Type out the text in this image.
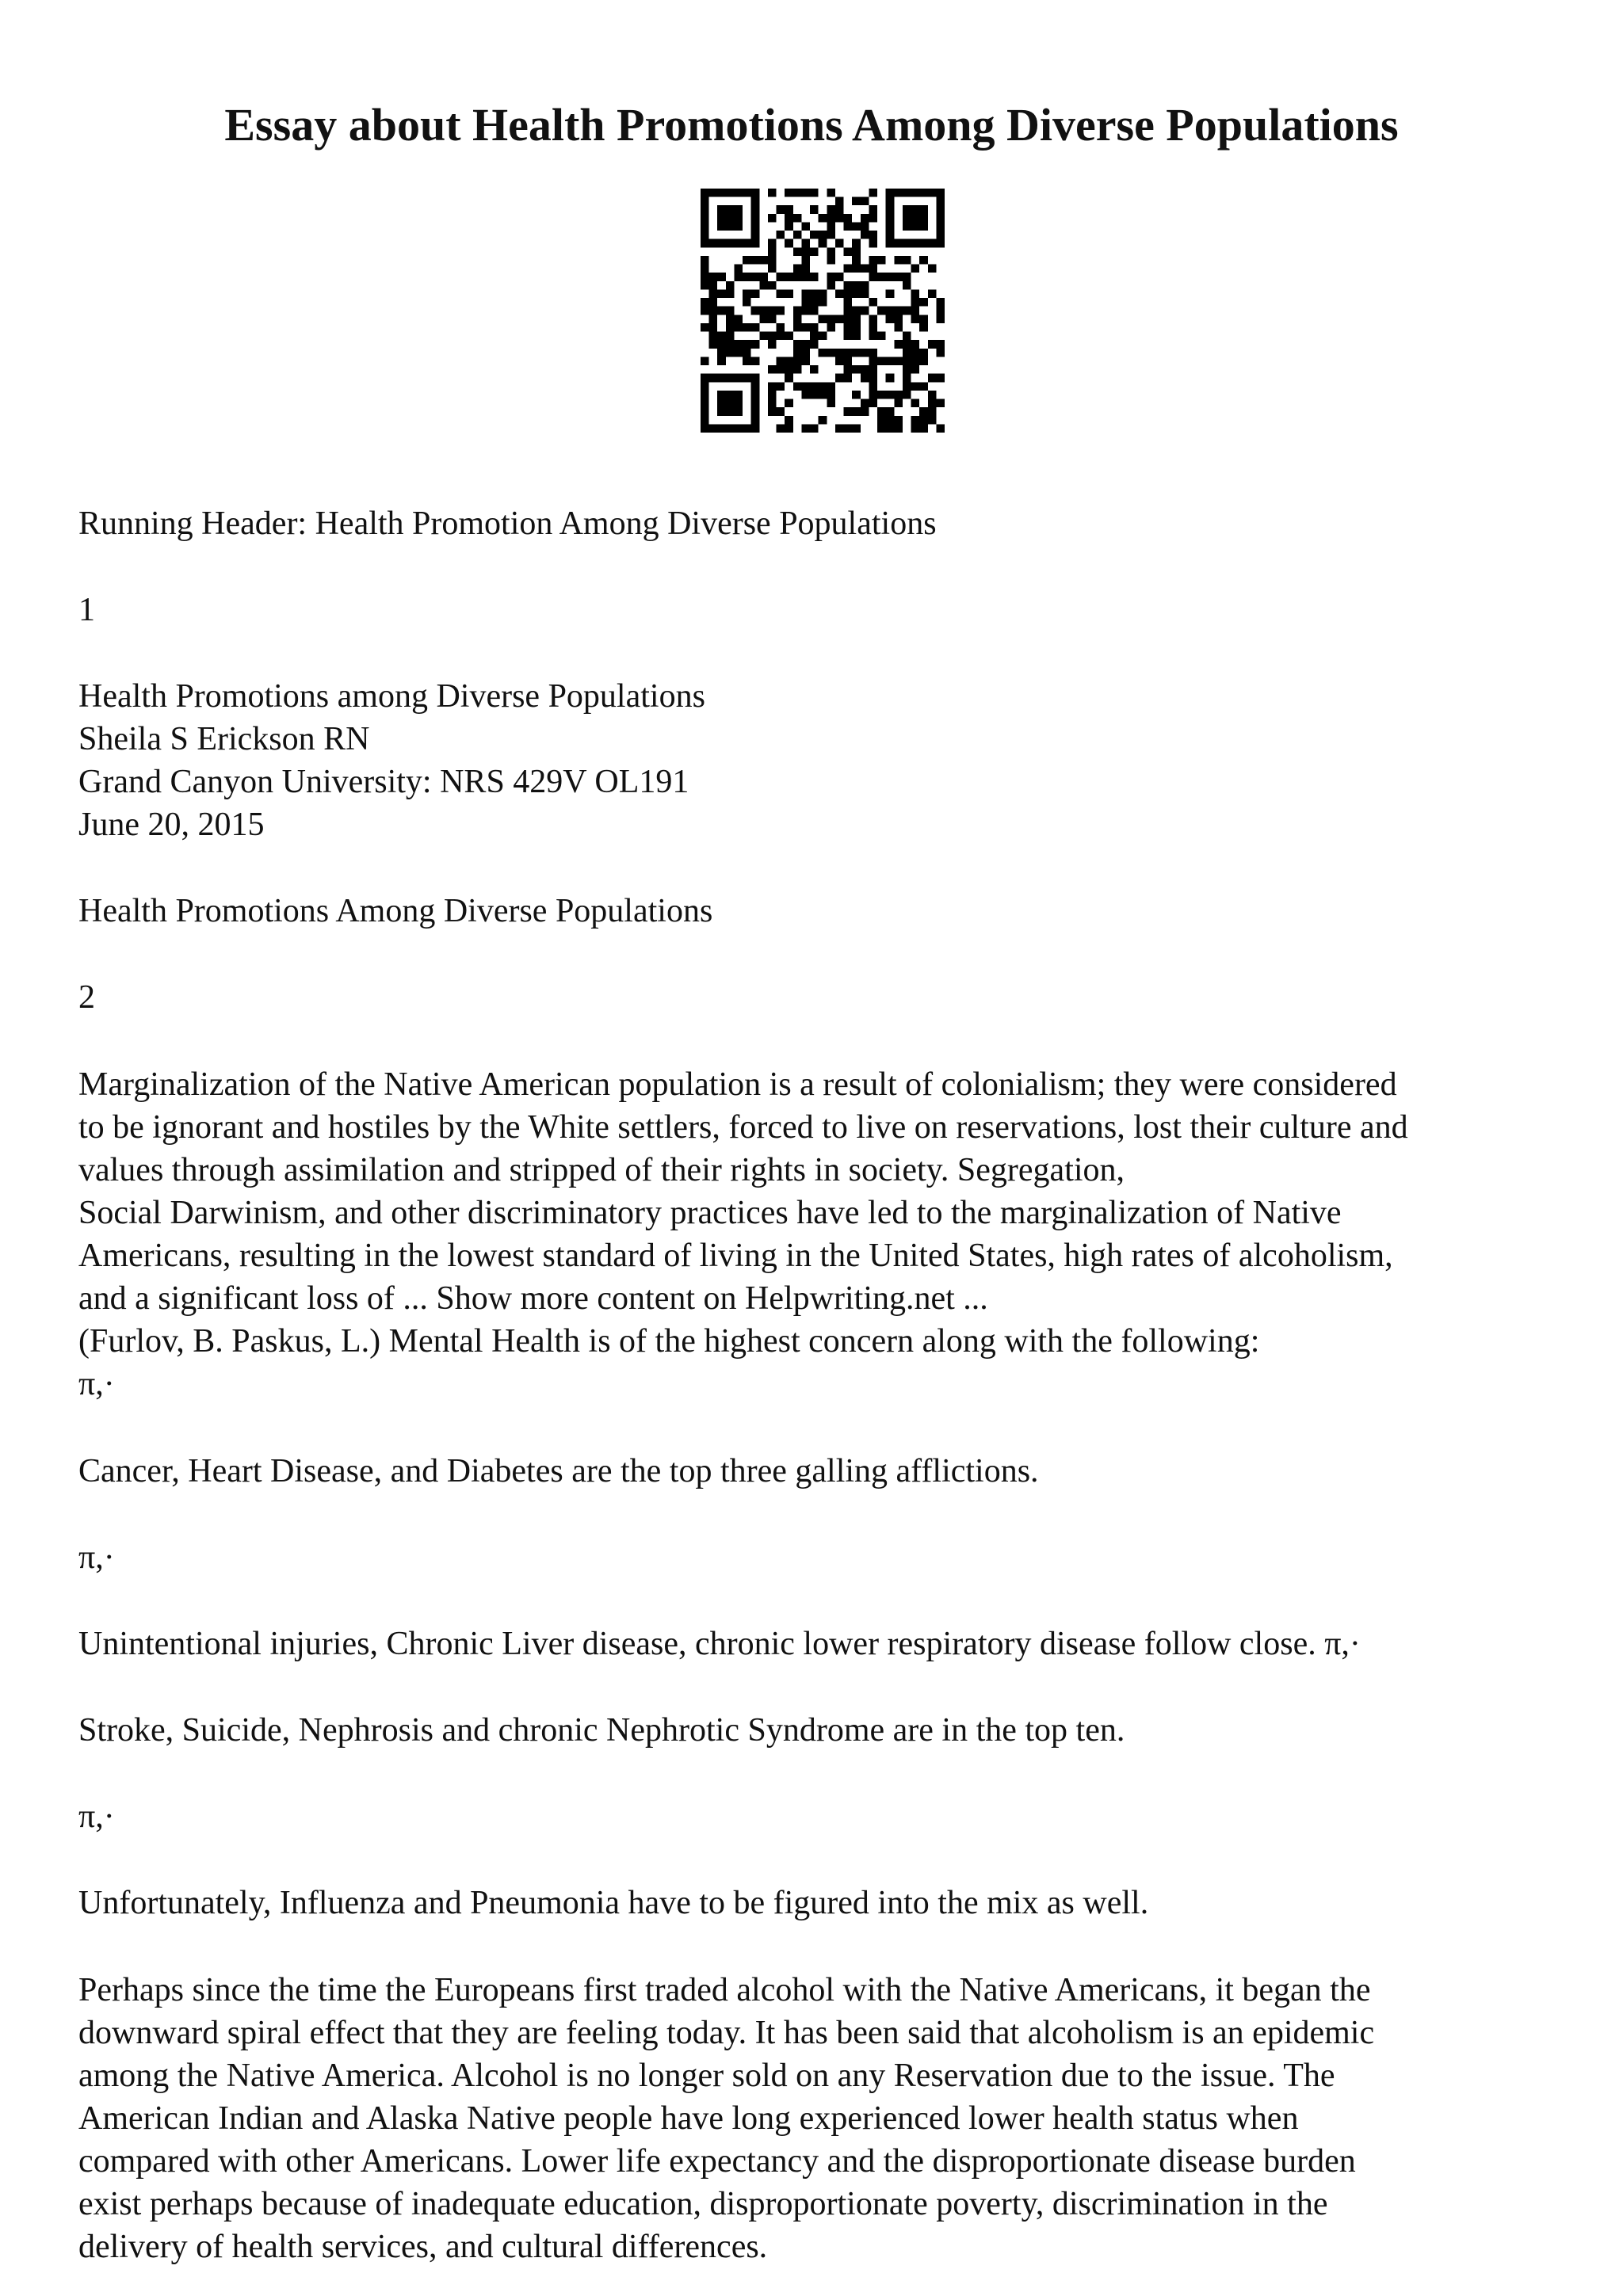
Essay about Health Promotions Among Diverse Populations
Running Header: Health Promotion Among Diverse Populations
1
Health Promotions among Diverse Populations
Sheila S Erickson RN
Grand Canyon University: NRS 429V OL191
June 20, 2015
Health Promotions Among Diverse Populations
2
Marginalization of the Native American population is a result of colonialism; they were considered
to be ignorant and hostiles by the White settlers, forced to live on reservations, lost their culture and
values through assimilation and stripped of their rights in society. Segregation,
Social Darwinism, and other discriminatory practices have led to the marginalization of Native
Americans, resulting in the lowest standard of living in the United States, high rates of alcoholism,
and a significant loss of ... Show more content on Helpwriting.net ...
(Furlov, B. Paskus, L.) Mental Health is of the highest concern along with the following:
π,·
Cancer, Heart Disease, and Diabetes are the top three galling afflictions.
π,·
Unintentional injuries, Chronic Liver disease, chronic lower respiratory disease follow close. π,·
Stroke, Suicide, Nephrosis and chronic Nephrotic Syndrome are in the top ten.
π,·
Unfortunately, Influenza and Pneumonia have to be figured into the mix as well.
Perhaps since the time the Europeans first traded alcohol with the Native Americans, it began the
downward spiral effect that they are feeling today. It has been said that alcoholism is an epidemic
among the Native America. Alcohol is no longer sold on any Reservation due to the issue. The
American Indian and Alaska Native people have long experienced lower health status when
compared with other Americans. Lower life expectancy and the disproportionate disease burden
exist perhaps because of inadequate education, disproportionate poverty, discrimination in the
delivery of health services, and cultural differences.
